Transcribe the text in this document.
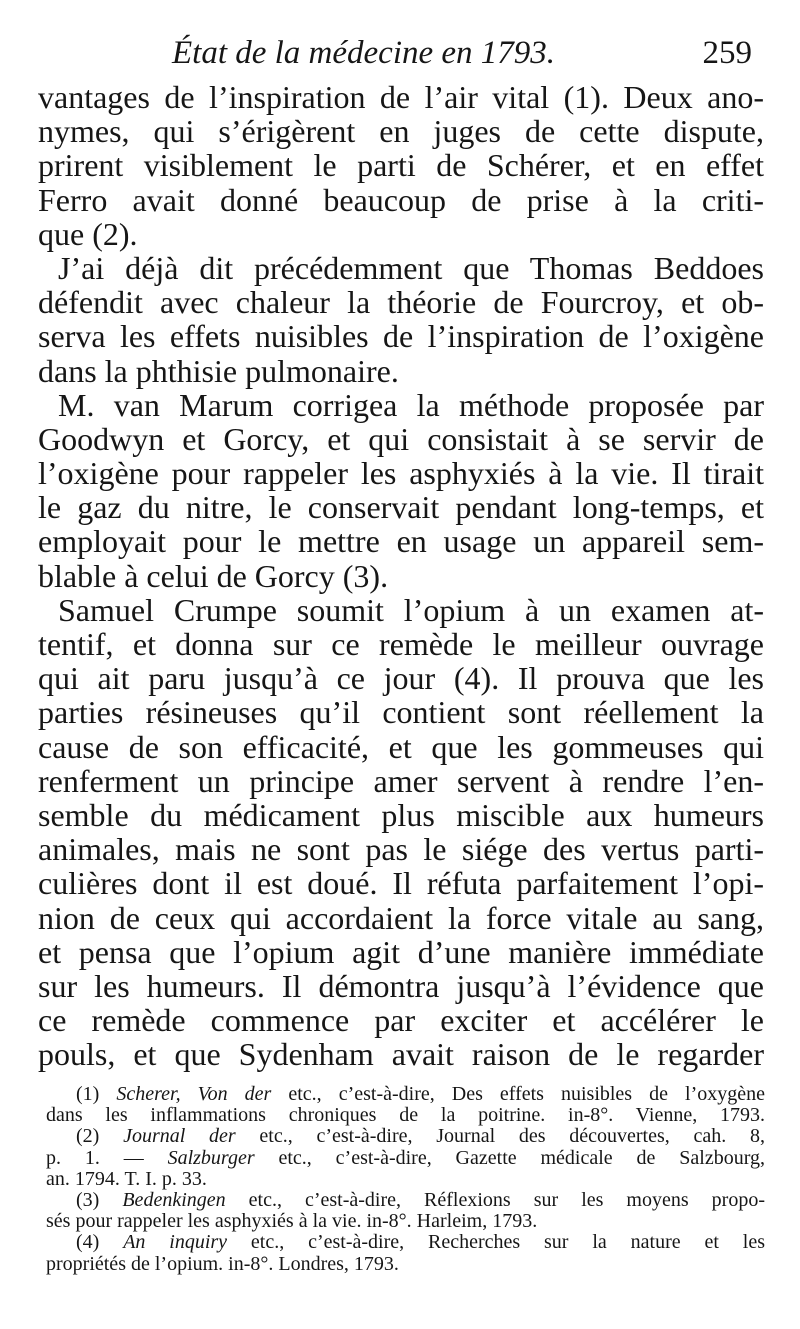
État de la médecine en 1793.	259
vantages de l’inspiration de l’air vital (1). Deux ano-
nymes, qui s’érigèrent en juges de cette dispute,
prirent visiblement le parti de Schérer, et en effet
Ferro avait donné beaucoup de prise à la criti-
que (2).
J’ai déjà dit précédemment que Thomas Beddoes
défendit avec chaleur la théorie de Fourcroy, et ob-
serva les effets nuisibles de l’inspiration de l’oxigène
dans la phthisie pulmonaire.
M. van Marum corrigea la méthode proposée par
Goodwyn et Gorcy, et qui consistait à se servir de
l’oxigène pour rappeler les asphyxiés à la vie. Il tirait
le gaz du nitre, le conservait pendant long-temps, et
employait pour le mettre en usage un appareil sem-
blable à celui de Gorcy (3).
Samuel Crumpe soumit l’opium à un examen at-
tentif, et donna sur ce remède le meilleur ouvrage
qui ait paru jusqu’à ce jour (4). Il prouva que les
parties résineuses qu’il contient sont réellement la
cause de son efficacité, et que les gommeuses qui
renferment un principe amer servent à rendre l’en-
semble du médicament plus miscible aux humeurs
animales, mais ne sont pas le siége des vertus parti-
culières dont il est doué. Il réfuta parfaitement l’opi-
nion de ceux qui accordaient la force vitale au sang,
et pensa que l’opium agit d’une manière immédiate
sur les humeurs. Il démontra jusqu’à l’évidence que
ce remède commence par exciter et accélérer le
pouls, et que Sydenham avait raison de le regarder
(1) Scherer, Von der etc., c’est-à-dire, Des effets nuisibles de l’oxygène
dans les inflammations chroniques de la poitrine. in-8°. Vienne, 1793.
(2) Journal der etc., c’est-à-dire, Journal des découvertes, cah. 8,
p. 1. — Salzburger etc., c’est-à-dire, Gazette médicale de Salzbourg,
an. 1794. T. I. p. 33.
(3) Bedenkingen etc., c’est-à-dire, Réflexions sur les moyens propo-
sés pour rappeler les asphyxiés à la vie. in-8°. Harleim, 1793.
(4) An inquiry etc., c’est-à-dire, Recherches sur la nature et les
propriétés de l’opium. in-8°. Londres, 1793.
